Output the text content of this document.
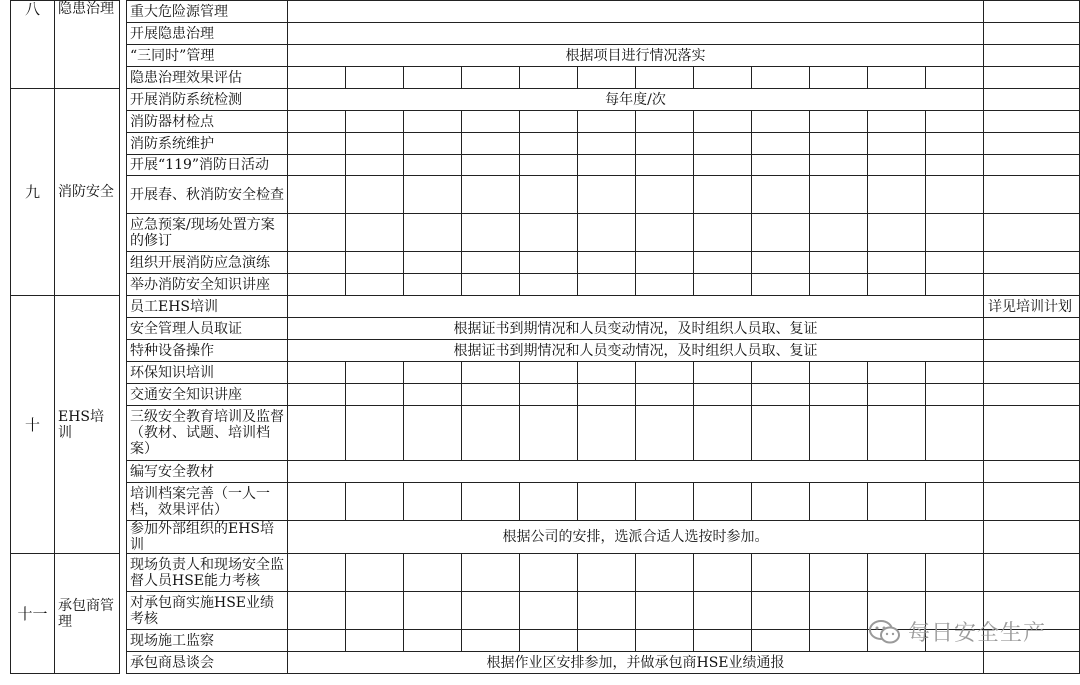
八	隐患治理		重大危险源管理													
			开展隐患治理													
			“三同时”管理	根据项目进行情况落实												
			隐患治理效果评估													
九	消防安全		开展消防系统检测	每年度/次												
			消防器材检点													
			消防系统维护													
			开展“119”消防日活动													
			开展春、秋消防安全检查													
			应急预案/现场处置方案的修订													
			组织开展消防应急演练													
			举办消防安全知识讲座													
十	EHS培训		员工EHS培训													详见培训计划
			安全管理人员取证	根据证书到期情况和人员变动情况，及时组织人员取、复证												
			特种设备操作	根据证书到期情况和人员变动情况，及时组织人员取、复证												
			环保知识培训													
			交通安全知识讲座													
			三级安全教育培训及监督（教材、试题、培训档案）													
			编写安全教材													
			培训档案完善（一人一档，效果评估）													
			参加外部组织的EHS培训	根据公司的安排，选派合适人选按时参加。												
十一	承包商管理		现场负责人和现场安全监督人员HSE能力考核													
			对承包商实施HSE业绩考核													
			现场施工监察													
			承包商恳谈会	根据作业区安排参加，并做承包商HSE业绩通报												
每日安全生产
